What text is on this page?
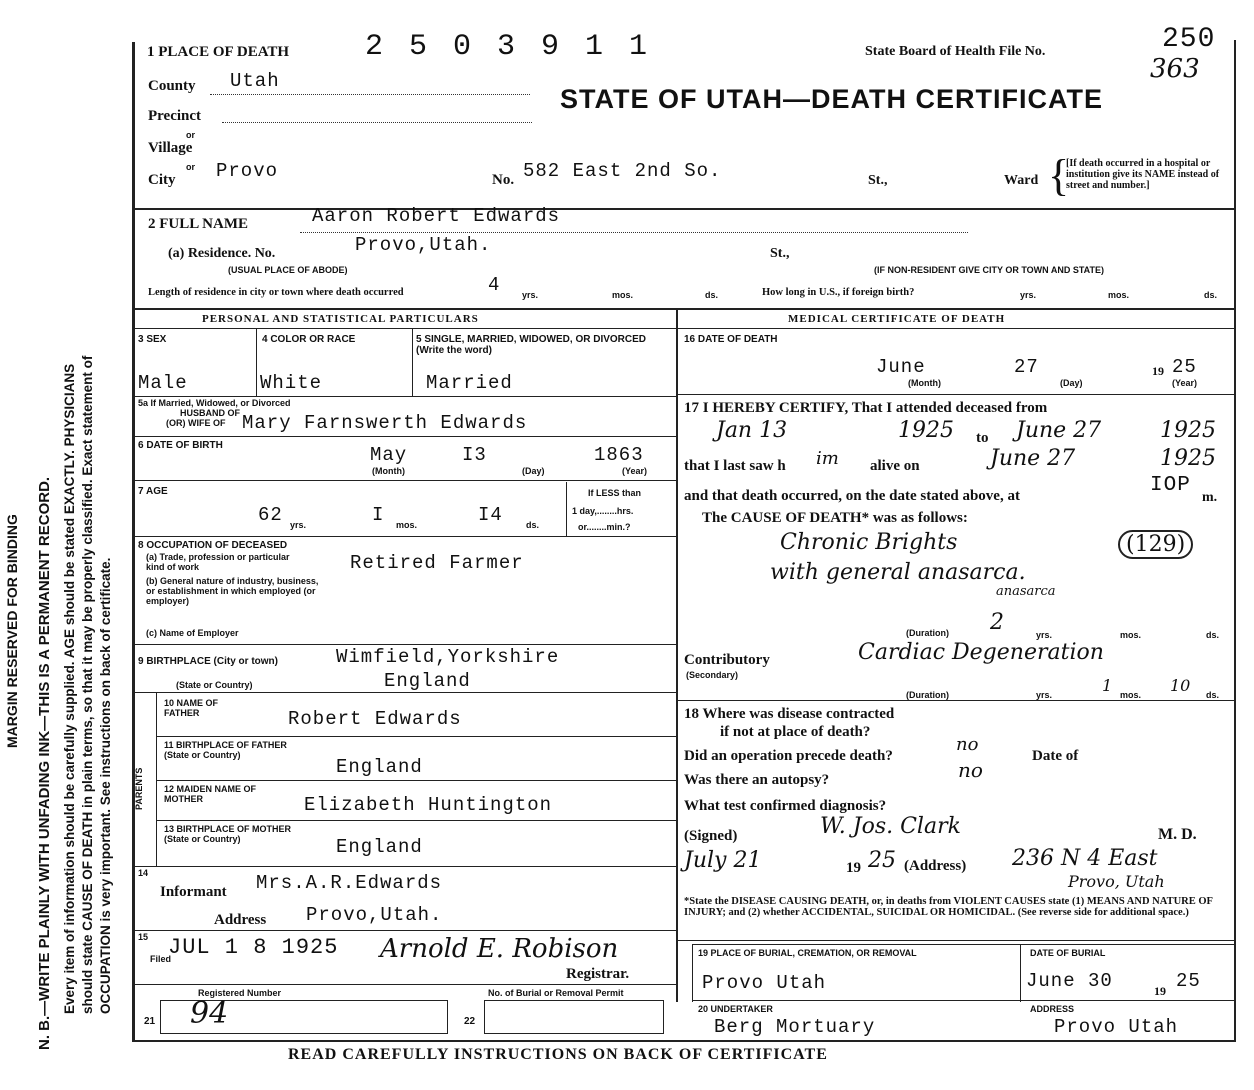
MARGIN RESERVED FOR BINDING N. B.—WRITE PLAINLY WITH UNFADING INK—THIS IS A PERMANENT RECORD. Every item of information should be carefully supplied. AGE should be stated EXACTLY. PHYSICIANS should state CAUSE OF DEATH in plain terms, so that it may be properly classified. Exact statement of OCCUPATION is very important. See instructions on back of certificate.
1 PLACE OF DEATH	2 5 0 3 9 1 1	State Board of Health File No.	250
363
STATE OF UTAH—DEATH CERTIFICATE
County Utah
Precinct
or
Village
or
City Provo	No. 582 East 2nd So.	St.,	Ward {
[If death occurred in a hospital or institution give its NAME instead of street and number.]
2 FULL NAME	Aaron Robert Edwards
(a) Residence. No.	Provo,Utah.	St.,
(USUAL PLACE OF ABODE)	(IF NON-RESIDENT GIVE CITY OR TOWN AND STATE)
Length of residence in city or town where death occurred	4 yrs.	mos.	ds.	How long in U.S., if foreign birth?	yrs.	mos.	ds.
PERSONAL AND STATISTICAL PARTICULARS	MEDICAL CERTIFICATE OF DEATH
3 SEX	4 COLOR OR RACE	5 SINGLE, MARRIED, WIDOWED, OR DIVORCED (Write the word)
Male	White	Married
5a If Married, Widowed, or Divorced
HUSBAND OF
(OR) WIFE OF Mary Farnswerth Edwards
6 DATE OF BIRTH	May	I3	1863
(Month)	(Day)	(Year)
7 AGE
62 yrs.	I mos.	I4	ds.
If LESS than
1 day,........hrs.
or........min.?
8 OCCUPATION OF DECEASED
(a) Trade, profession or particular kind of work
(b) General nature of industry, business, or establishment in which employed (or employer)
Retired Farmer
(c) Name of Employer
9 BIRTHPLACE (City or town)	Wimfield,Yorkshire
(State or Country)	England
PARENTS
10 NAME OF FATHER	Robert Edwards
11 BIRTHPLACE OF FATHER (State or Country)
England
12 MAIDEN NAME OF MOTHER	Elizabeth Huntington
13 BIRTHPLACE OF MOTHER (State or Country)	England
14
Informant Mrs.A.R.Edwards
Address Provo,Utah.
15
Filed
JUL 1 8 1925 Arnold E. Robison
Registrar.
Registered Number	No. of Burial or Removal Permit
21 94	22
16 DATE OF DEATH
June	27	19 25
(Month)	(Day)	(Year)
17 I HEREBY CERTIFY, That I attended deceased from
Jan 13	1925 to June 27	1925
that I last saw h im alive on	June 27	1925
and that death occurred, on the date stated above, at	IOP
m.
The CAUSE OF DEATH* was as follows:
Chronic Brights	(129)
with general anasarca.
anasarca
(Duration) 2	yrs.	mos.	ds.
Contributory
(Secondary)
Cardiac Degeneration
(Duration)	yrs.	1 mos. 10 ds.
18 Where was disease contracted
if not at place of death?
Did an operation precede death?
no
Date of
Was there an autopsy?	no
What test confirmed diagnosis?
(Signed)	W. Jos. Clark	M. D.
July 21	19 25 (Address) 236 N 4 East
Provo, Utah
*State the DISEASE CAUSING DEATH, or, in deaths from VIOLENT CAUSES state (1) MEANS AND NATURE OF INJURY; and (2) whether ACCIDENTAL, SUICIDAL OR HOMICIDAL. (See reverse side for additional space.)
19 PLACE OF BURIAL, CREMATION, OR REMOVAL
Provo Utah
DATE OF BURIAL
June 30	19 25
20 UNDERTAKER
Berg Mortuary
ADDRESS
Provo Utah
READ CAREFULLY INSTRUCTIONS ON BACK OF CERTIFICATE
